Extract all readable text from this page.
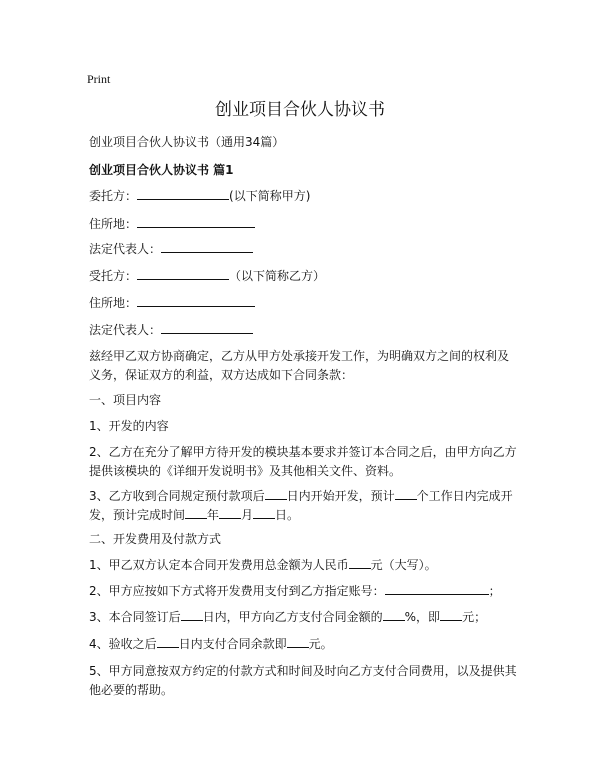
Print
创业项目合伙人协议书
创业项目合伙人协议书（通用34篇）
创业项目合伙人协议书 篇1
委托方：	(以下简称甲方)
住所地：
法定代表人：
受托方：	（以下简称乙方）
住所地：
法定代表人：
兹经甲乙双方协商确定，乙方从甲方处承接开发工作，为明确双方之间的权利及义务，保证双方的利益，双方达成如下合同条款：
一、项目内容
1、开发的内容
2、乙方在充分了解甲方待开发的模块基本要求并签订本合同之后，由甲方向乙方提供该模块的《详细开发说明书》及其他相关文件、资料。
3、乙方收到合同规定预付款项后 日内开始开发，预计 个工作日内完成开发，预计完成时间 年 月 日。
二、开发费用及付款方式
1、甲乙双方认定本合同开发费用总金额为人民币 元（大写）。
2、甲方应按如下方式将开发费用支付到乙方指定账号：	；
3、本合同签订后 日内，甲方向乙方支付合同金额的 %，即 元；
4、验收之后 日内支付合同余款即 元。
5、甲方同意按双方约定的付款方式和时间及时向乙方支付合同费用，以及提供其他必要的帮助。
